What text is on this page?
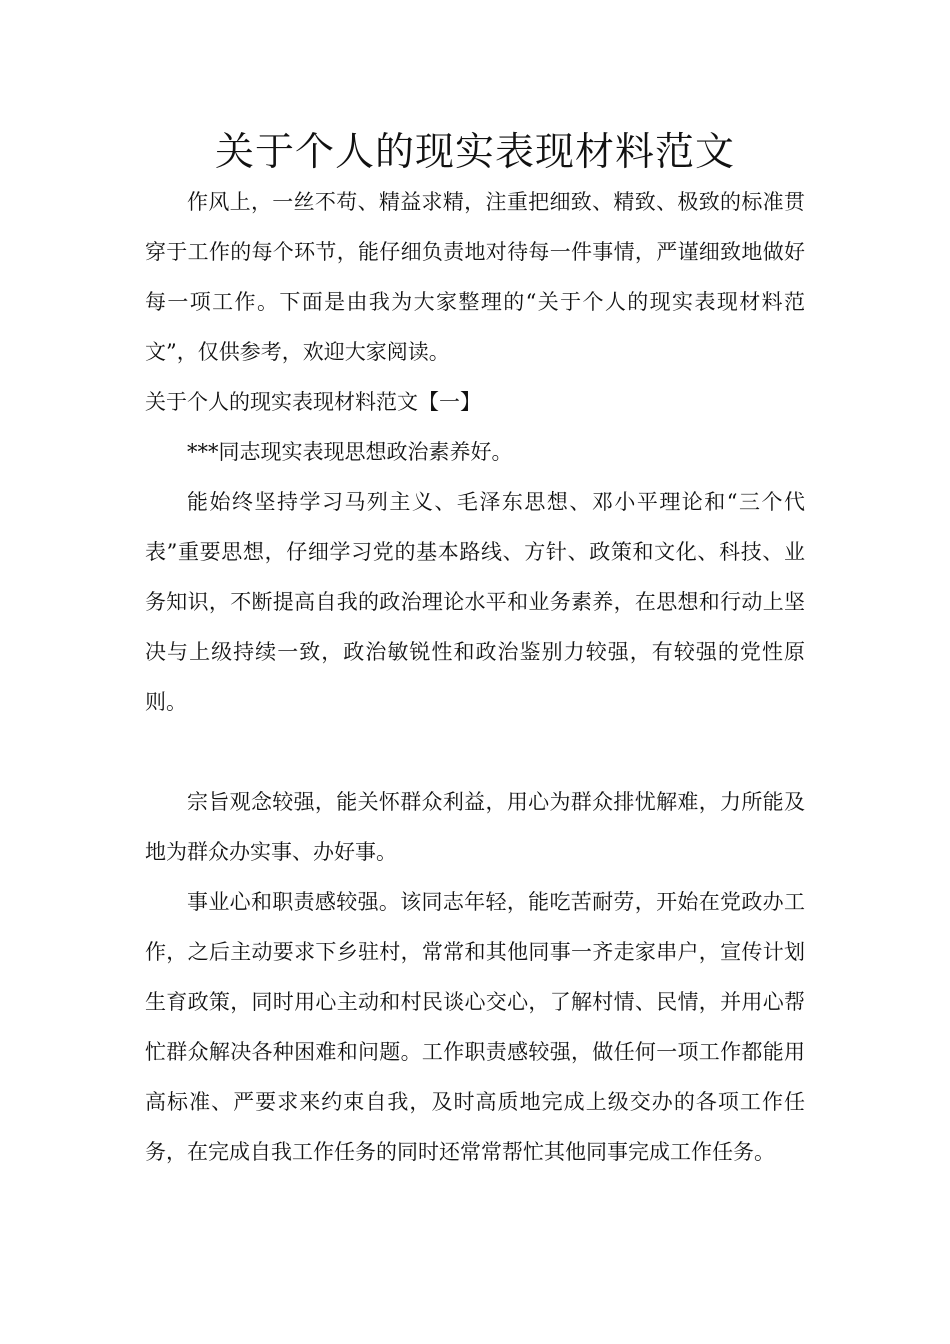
关于个人的现实表现材料范文

作风上，一丝不苟、精益求精，注重把细致、精致、极致的标准贯穿于工作的每个环节，能仔细负责地对待每一件事情，严谨细致地做好每一项工作。下面是由我为大家整理的“关于个人的现实表现材料范文”，仅供参考，欢迎大家阅读。

关于个人的现实表现材料范文【一】

***同志现实表现思想政治素养好。

能始终坚持学习马列主义、毛泽东思想、邓小平理论和“三个代表”重要思想，仔细学习党的基本路线、方针、政策和文化、科技、业务知识，不断提高自我的政治理论水平和业务素养，在思想和行动上坚决与上级持续一致，政治敏锐性和政治鉴别力较强，有较强的党性原则。

宗旨观念较强，能关怀群众利益，用心为群众排忧解难，力所能及地为群众办实事、办好事。

事业心和职责感较强。该同志年轻，能吃苦耐劳，开始在党政办工作，之后主动要求下乡驻村，常常和其他同事一齐走家串户，宣传计划生育政策，同时用心主动和村民谈心交心，了解村情、民情，并用心帮忙群众解决各种困难和问题。工作职责感较强，做任何一项工作都能用高标准、严要求来约束自我，及时高质地完成上级交办的各项工作任务，在完成自我工作任务的同时还常常帮忙其他同事完成工作任务。
